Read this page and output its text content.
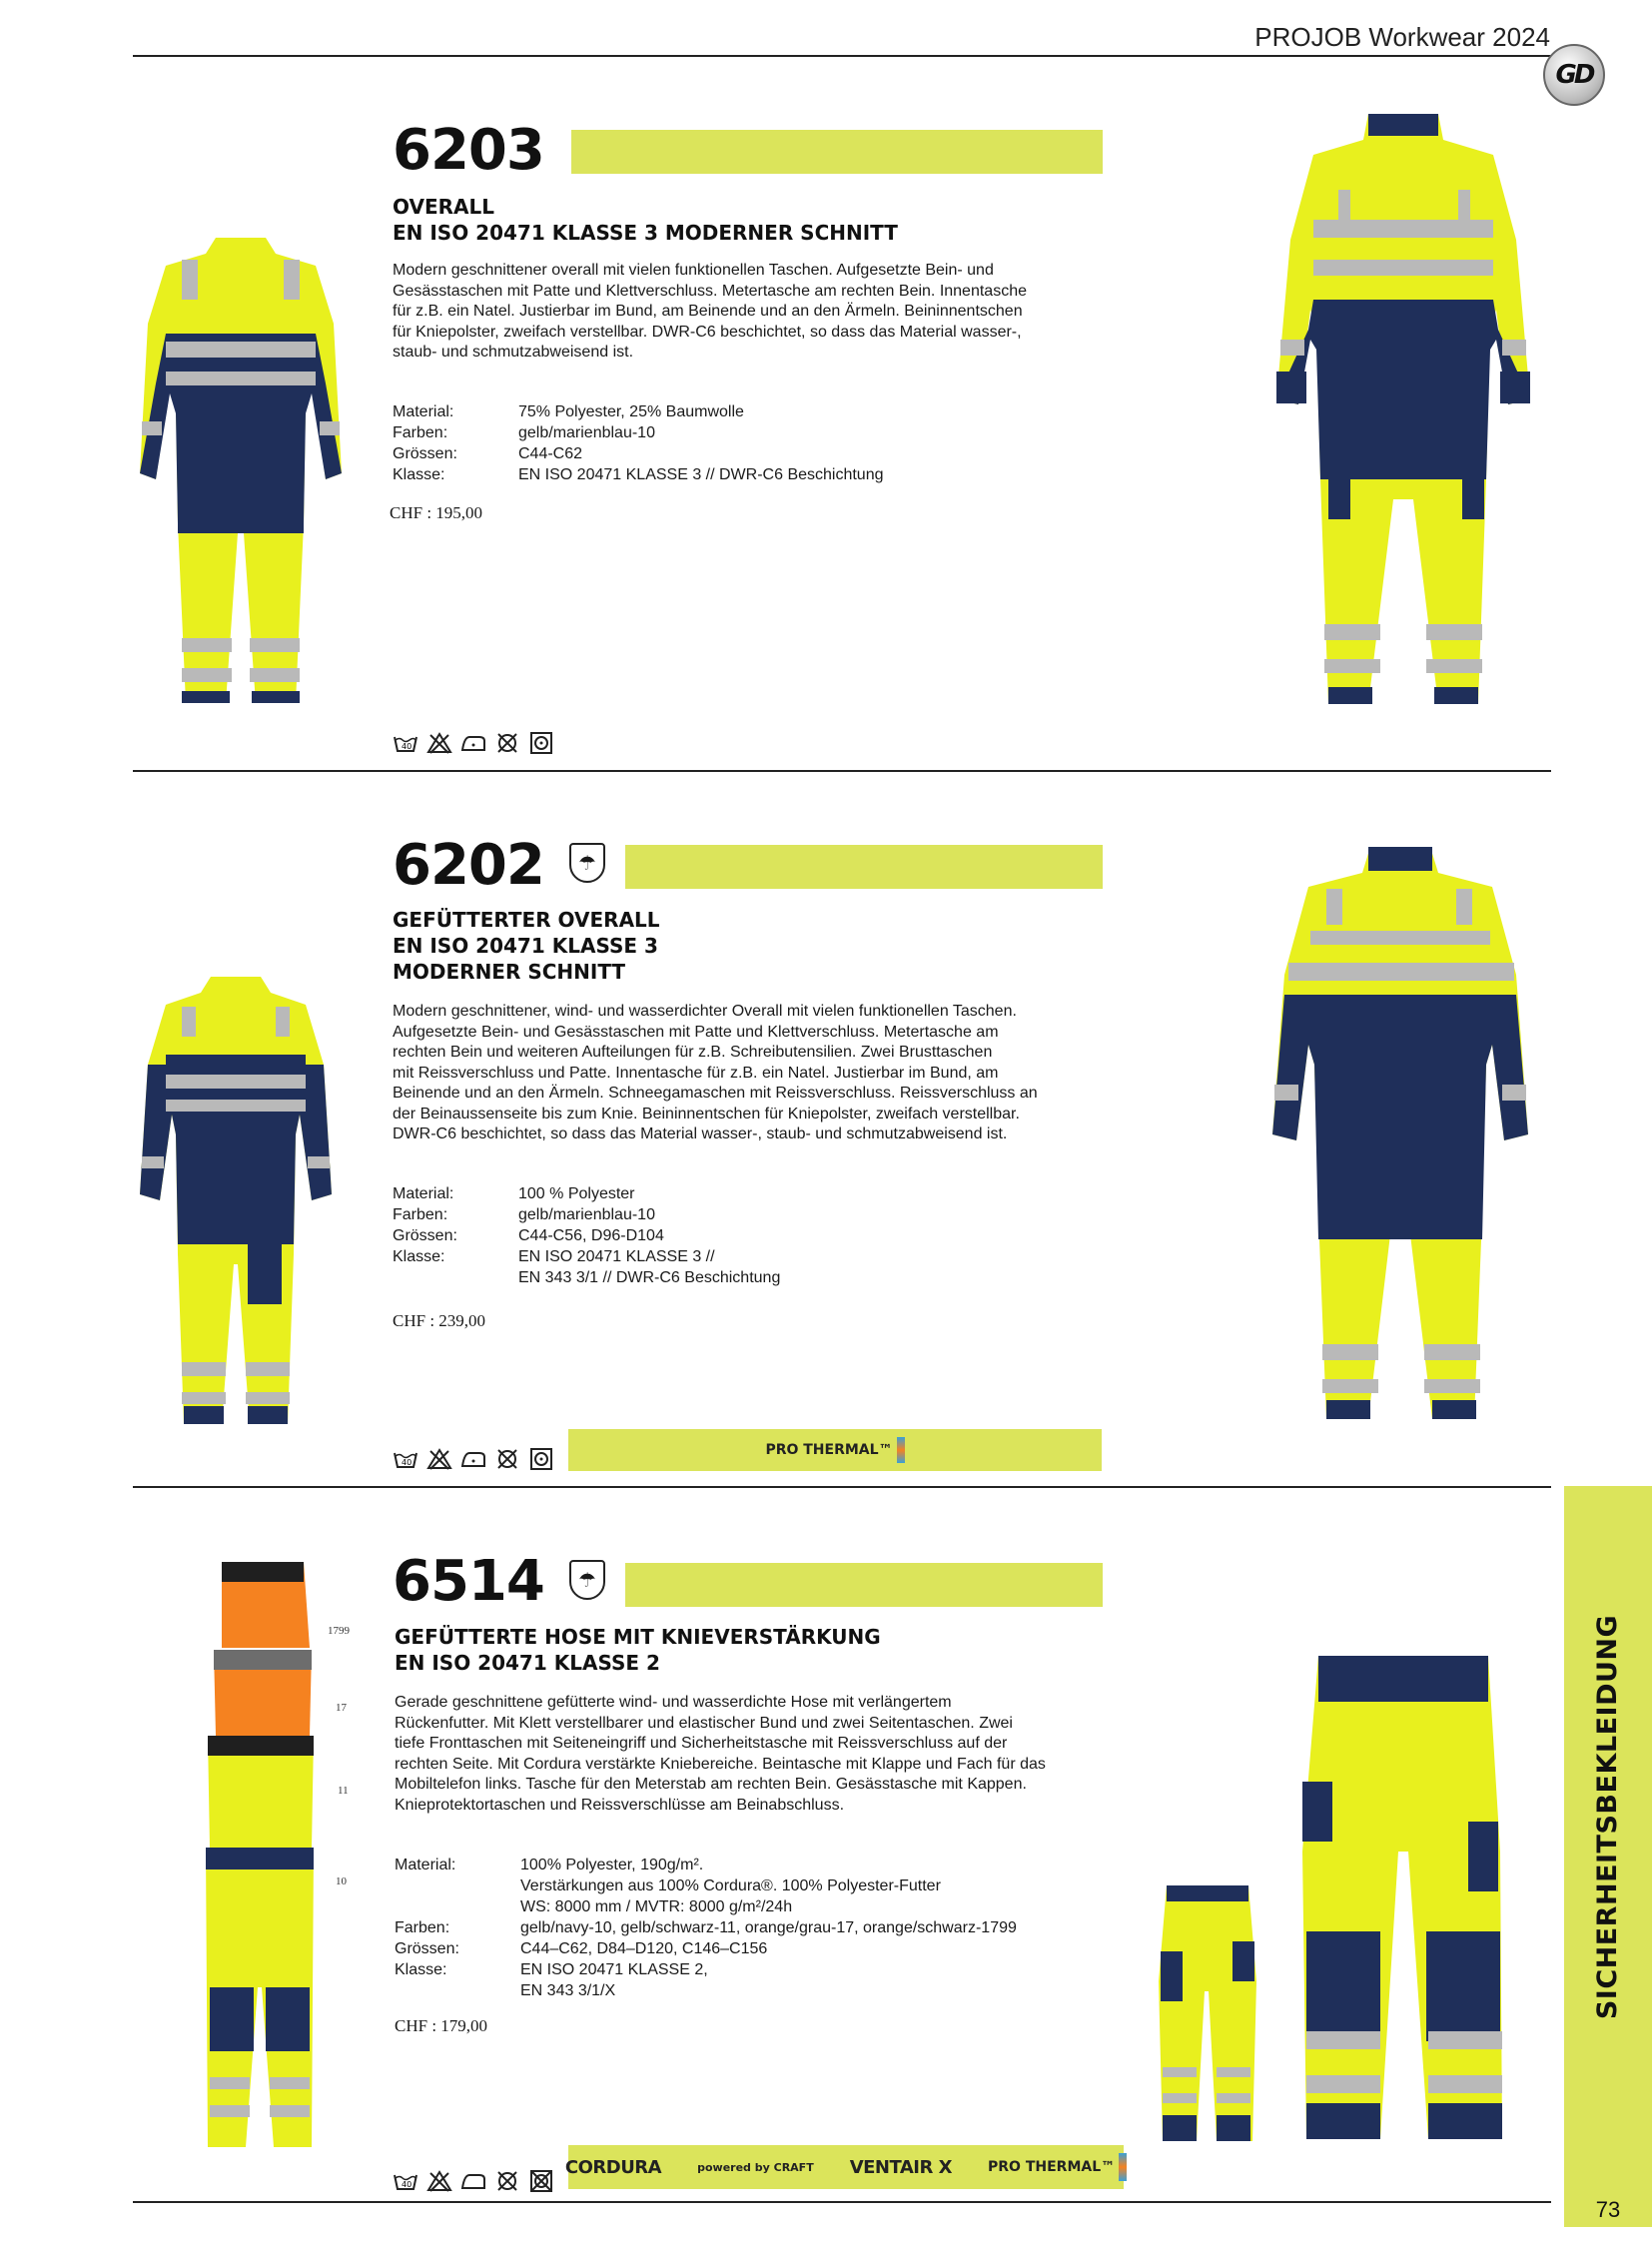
PROJOB Workwear 2024
GD
6203
OVERALL
EN ISO 20471 KLASSE 3 MODERNER SCHNITT
Modern geschnittener overall mit vielen funktionellen Taschen. Aufgesetzte Bein- und
Gesässtaschen mit Patte und Klettverschluss. Metertasche am rechten Bein. Innentasche
für z.B. ein Natel. Justierbar im Bund, am Beinende und an den Ärmeln. Beininnentschen
für Kniepolster, zweifach verstellbar. DWR-C6 beschichtet, so dass das Material wasser-,
staub- und schmutzabweisend ist.
Material:	75% Polyester, 25% Baumwolle
Farben:	gelb/marienblau-10
Grössen:	C44-C62
Klasse:	EN ISO 20471 KLASSE 3 // DWR-C6 Beschichtung
CHF : 195,00
40
6202	☂
GEFÜTTERTER OVERALL
EN ISO 20471 KLASSE 3
MODERNER SCHNITT
Modern geschnittener, wind- und wasserdichter Overall mit vielen funktionellen Taschen.
Aufgesetzte Bein- und Gesässtaschen mit Patte und Klettverschluss. Metertasche am
rechten Bein und weiteren Aufteilungen für z.B. Schreibutensilien. Zwei Brusttaschen
mit Reissverschluss und Patte. Innentasche für z.B. ein Natel. Justierbar im Bund, am
Beinende und an den Ärmeln. Schneegamaschen mit Reissverschluss. Reissverschluss an
der Beinaussenseite bis zum Knie. Beininnentschen für Kniepolster, zweifach verstellbar.
DWR-C6 beschichtet, so dass das Material wasser-, staub- und schmutzabweisend ist.
Material:	100 % Polyester
Farben:	gelb/marienblau-10
Grössen:	C44-C56, D96-D104
Klasse:	EN ISO 20471 KLASSE 3 //
EN 343 3/1 // DWR-C6 Beschichtung
CHF : 239,00
40
PRO THERMAL™
6514	☂
GEFÜTTERTE HOSE MIT KNIEVERSTÄRKUNG
EN ISO 20471 KLASSE 2
Gerade geschnittene gefütterte wind- und wasserdichte Hose mit verlängertem
Rückenfutter. Mit Klett verstellbarer und elastischer Bund und zwei Seitentaschen. Zwei
tiefe Fronttaschen mit Seiteneingriff und Sicherheitstasche mit Reissverschluss auf der
rechten Seite. Mit Cordura verstärkte Kniebereiche. Beintasche mit Klappe und Fach für das
Mobiltelefon links. Tasche für den Meterstab am rechten Bein. Gesässtasche mit Kappen.
Knieprotektortaschen und Reissverschlüsse am Beinabschluss.
Material:	100% Polyester, 190g/m².
Verstärkungen aus 100% Cordura®. 100% Polyester-Futter
WS: 8000 mm / MVTR: 8000 g/m²/24h
Farben:	gelb/navy-10, gelb/schwarz-11, orange/grau-17, orange/schwarz-1799
Grössen:	C44–C62, D84–D120, C146–C156
Klasse:	EN ISO 20471 KLASSE 2,
EN 343 3/1/X
CHF : 179,00
40
CORDURA	powered by CRAFT VENTAIR X	PRO THERMAL™
1799
17
11
10	SICHERHEITSBEKLEIDUNG
73
